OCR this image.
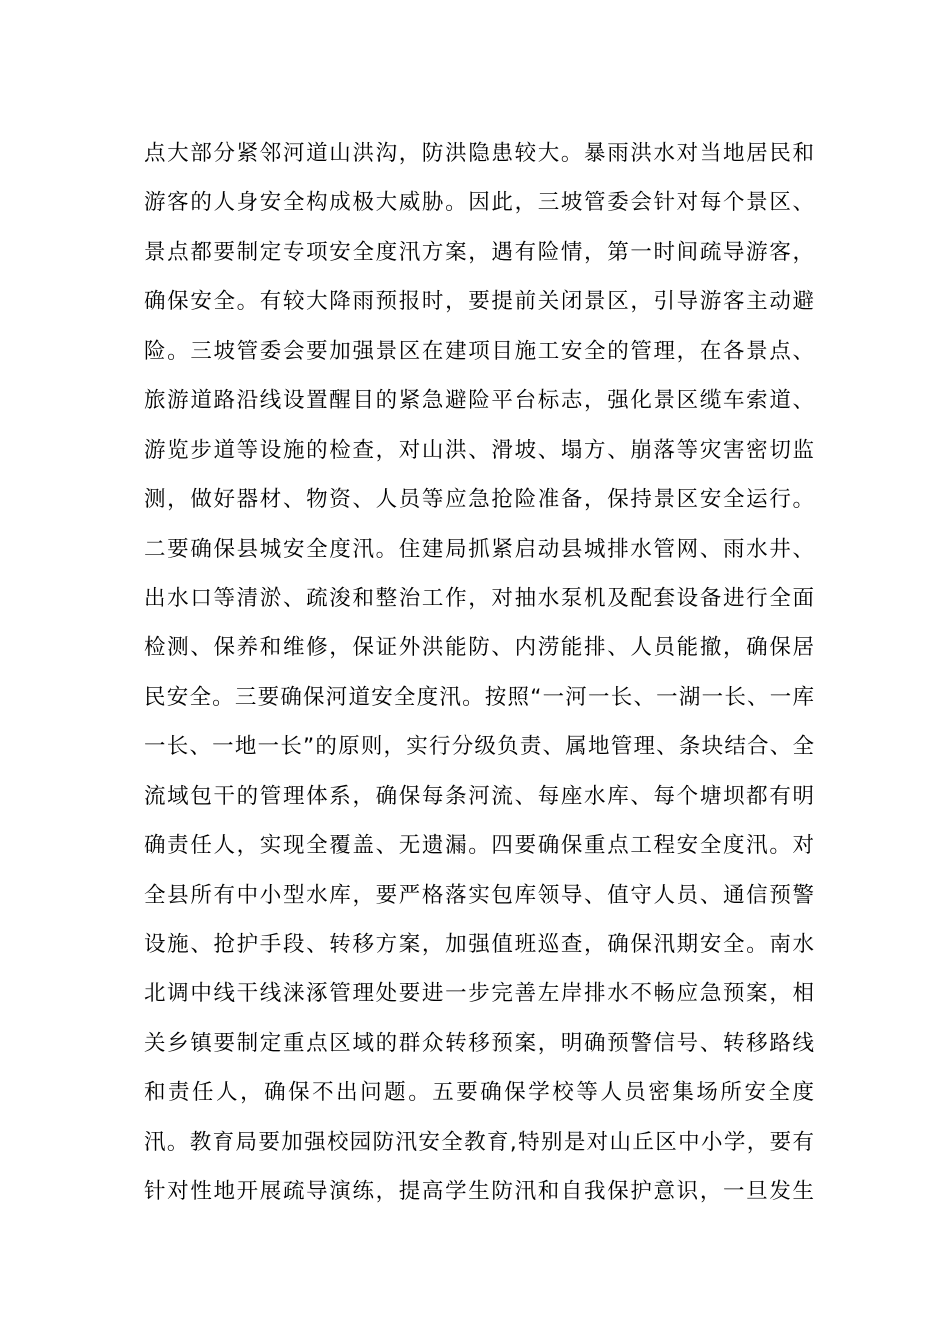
点大部分紧邻河道山洪沟，防洪隐患较大。暴雨洪水对当地居民和
游客的人身安全构成极大威胁。因此，三坡管委会针对每个景区、
景点都要制定专项安全度汛方案，遇有险情，第一时间疏导游客，
确保安全。有较大降雨预报时，要提前关闭景区，引导游客主动避
险。三坡管委会要加强景区在建项目施工安全的管理，在各景点、
旅游道路沿线设置醒目的紧急避险平台标志，强化景区缆车索道、
游览步道等设施的检查，对山洪、滑坡、塌方、崩落等灾害密切监
测，做好器材、物资、人员等应急抢险准备，保持景区安全运行。
二要确保县城安全度汛。住建局抓紧启动县城排水管网、雨水井、
出水口等清淤、疏浚和整治工作，对抽水泵机及配套设备进行全面
检测、保养和维修，保证外洪能防、内涝能排、人员能撤，确保居
民安全。三要确保河道安全度汛。按照“一河一长、一湖一长、一库
一长、一地一长”的原则，实行分级负责、属地管理、条块结合、全
流域包干的管理体系，确保每条河流、每座水库、每个塘坝都有明
确责任人，实现全覆盖、无遗漏。四要确保重点工程安全度汛。对
全县所有中小型水库，要严格落实包库领导、值守人员、通信预警
设施、抢护手段、转移方案，加强值班巡查，确保汛期安全。南水
北调中线干线涞涿管理处要进一步完善左岸排水不畅应急预案，相
关乡镇要制定重点区域的群众转移预案，明确预警信号、转移路线
和责任人，确保不出问题。五要确保学校等人员密集场所安全度
汛。教育局要加强校园防汛安全教育,特别是对山丘区中小学，要有
针对性地开展疏导演练，提高学生防汛和自我保护意识，一旦发生
